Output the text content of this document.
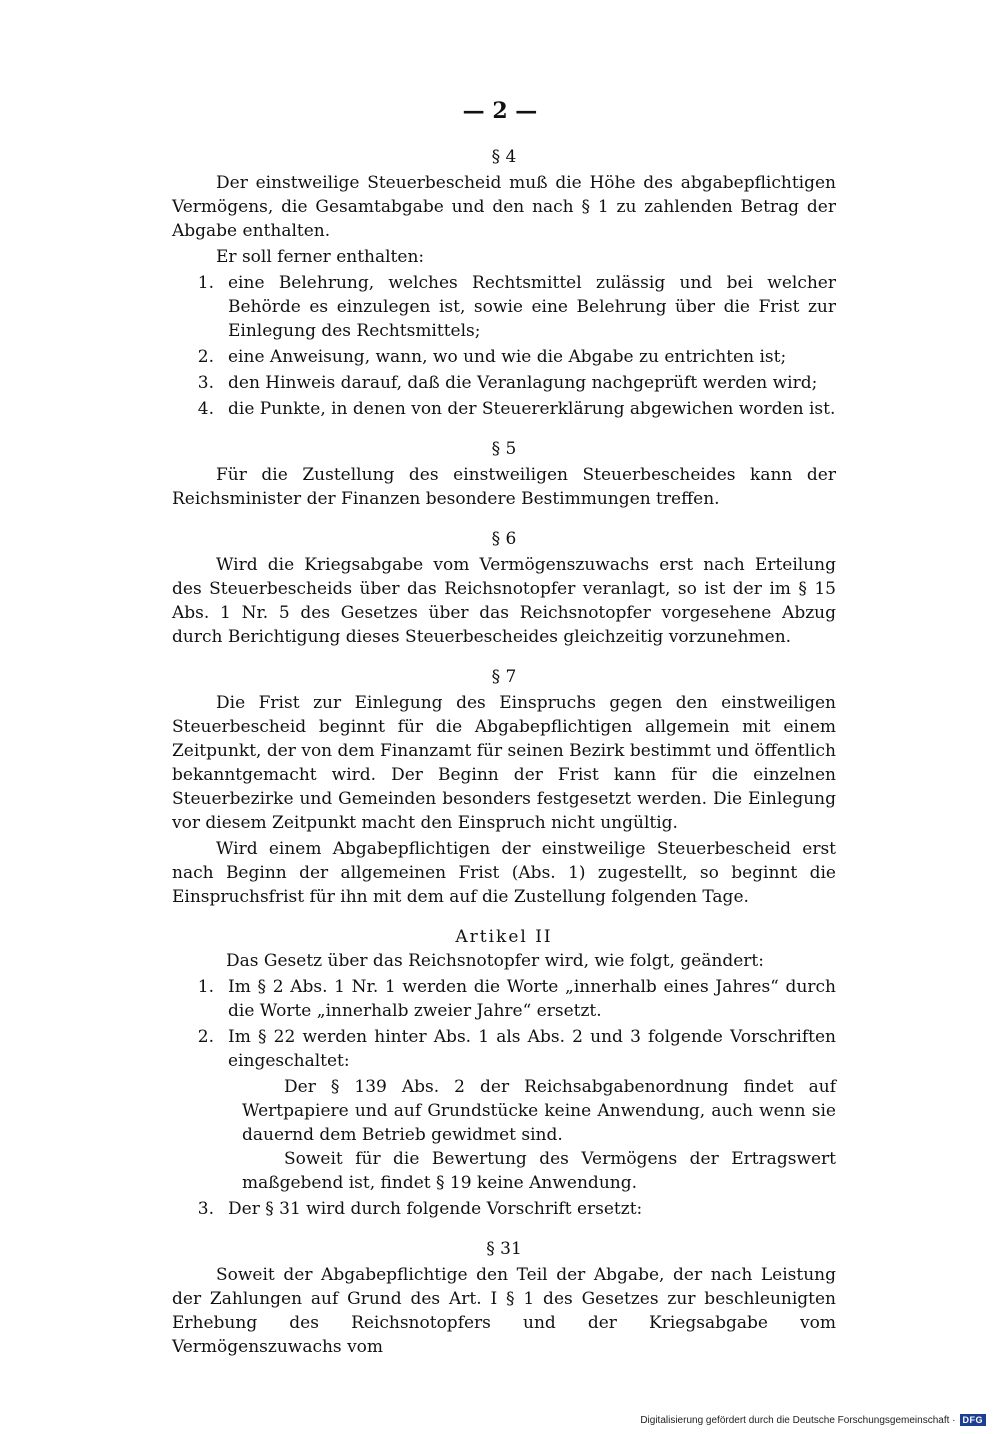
— 2 —
§ 4

Der einstweilige Steuerbescheid muß die Höhe des abgabepflichtigen Vermögens, die Gesamtabgabe und den nach § 1 zu zahlenden Betrag der Abgabe enthalten.

Er soll ferner enthalten:

1. eine Belehrung, welches Rechtsmittel zulässig und bei welcher Behörde es einzulegen ist, sowie eine Belehrung über die Frist zur Einlegung des Rechtsmittels;
2. eine Anweisung, wann, wo und wie die Abgabe zu entrichten ist;
3. den Hinweis darauf, daß die Veranlagung nachgeprüft werden wird;
4. die Punkte, in denen von der Steuererklärung abgewichen worden ist.
§ 5

Für die Zustellung des einstweiligen Steuerbescheides kann der Reichsminister der Finanzen besondere Bestimmungen treffen.

§ 6

Wird die Kriegsabgabe vom Vermögenszuwachs erst nach Erteilung des Steuerbescheids über das Reichsnotopfer veranlagt, so ist der im § 15 Abs. 1 Nr. 5 des Gesetzes über das Reichsnotopfer vorgesehene Abzug durch Berichtigung dieses Steuerbescheides gleichzeitig vorzunehmen.

§ 7

Die Frist zur Einlegung des Einspruchs gegen den einstweiligen Steuerbescheid beginnt für die Abgabepflichtigen allgemein mit einem Zeitpunkt, der von dem Finanzamt für seinen Bezirk bestimmt und öffentlich bekanntgemacht wird. Der Beginn der Frist kann für die einzelnen Steuerbezirke und Gemeinden besonders festgesetzt werden. Die Einlegung vor diesem Zeitpunkt macht den Einspruch nicht ungültig.

Wird einem Abgabepflichtigen der einstweilige Steuerbescheid erst nach Beginn der allgemeinen Frist (Abs. 1) zugestellt, so beginnt die Einspruchsfrist für ihn mit dem auf die Zustellung folgenden Tage.

Artikel II

Das Gesetz über das Reichsnotopfer wird, wie folgt, geändert:

1. Im § 2 Abs. 1 Nr. 1 werden die Worte „innerhalb eines Jahres“ durch die Worte „innerhalb zweier Jahre“ ersetzt.
2. Im § 22 werden hinter Abs. 1 als Abs. 2 und 3 folgende Vorschriften eingeschaltet:

Der § 139 Abs. 2 der Reichsabgabenordnung findet auf Wertpapiere und auf Grundstücke keine Anwendung, auch wenn sie dauernd dem Betrieb gewidmet sind.

Soweit für die Bewertung des Vermögens der Ertragswert maßgebend ist, findet § 19 keine Anwendung.

3. Der § 31 wird durch folgende Vorschrift ersetzt:
§ 31

Soweit der Abgabepflichtige den Teil der Abgabe, der nach Leistung der Zahlungen auf Grund des Art. I § 1 des Gesetzes zur beschleunigten Erhebung des Reichsnotopfers und der Kriegsabgabe vom Vermögenszuwachs vom

Digitalisierung gefördert durch die Deutsche Forschungsgemeinschaft · DFG
